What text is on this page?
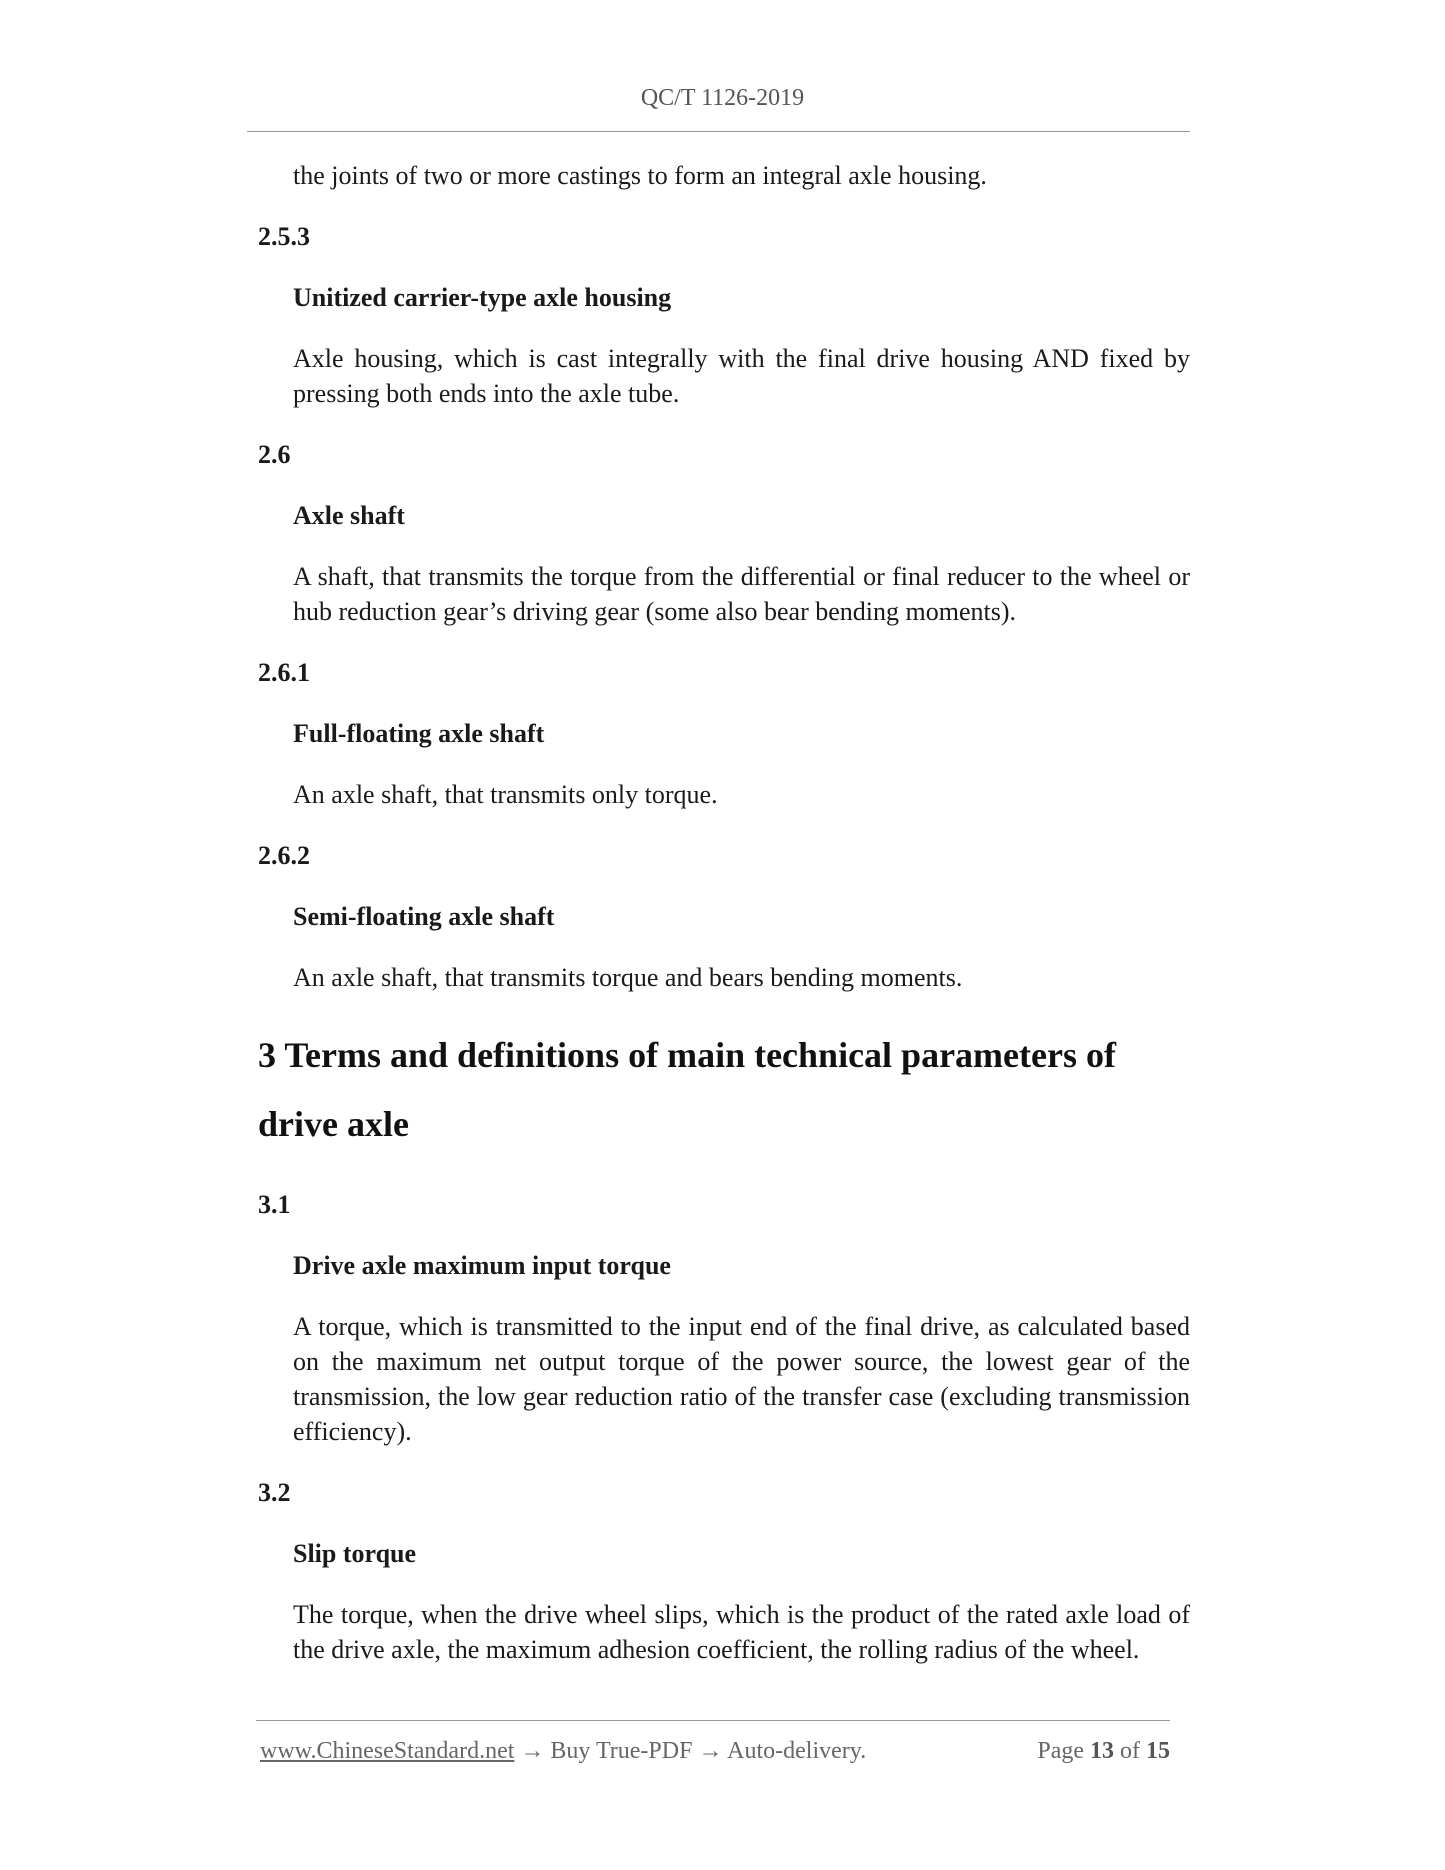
QC/T 1126-2019

the joints of two or more castings to form an integral axle housing.

2.5.3

Unitized carrier-type axle housing

Axle housing, which is cast integrally with the final drive housing AND fixed by pressing both ends into the axle tube.

2.6

Axle shaft

A shaft, that transmits the torque from the differential or final reducer to the wheel or hub reduction gear’s driving gear (some also bear bending moments).

2.6.1

Full-floating axle shaft

An axle shaft, that transmits only torque.

2.6.2

Semi-floating axle shaft

An axle shaft, that transmits torque and bears bending moments.

3 Terms and definitions of main technical parameters of
drive axle

3.1

Drive axle maximum input torque

A torque, which is transmitted to the input end of the final drive, as calculated based on the maximum net output torque of the power source, the lowest gear of the transmission, the low gear reduction ratio of the transfer case (excluding transmission efficiency).

3.2

Slip torque

The torque, when the drive wheel slips, which is the product of the rated axle load of the drive axle, the maximum adhesion coefficient, the rolling radius of the wheel.

www.ChineseStandard.net → Buy True-PDF → Auto-delivery.	Page 13 of 15
